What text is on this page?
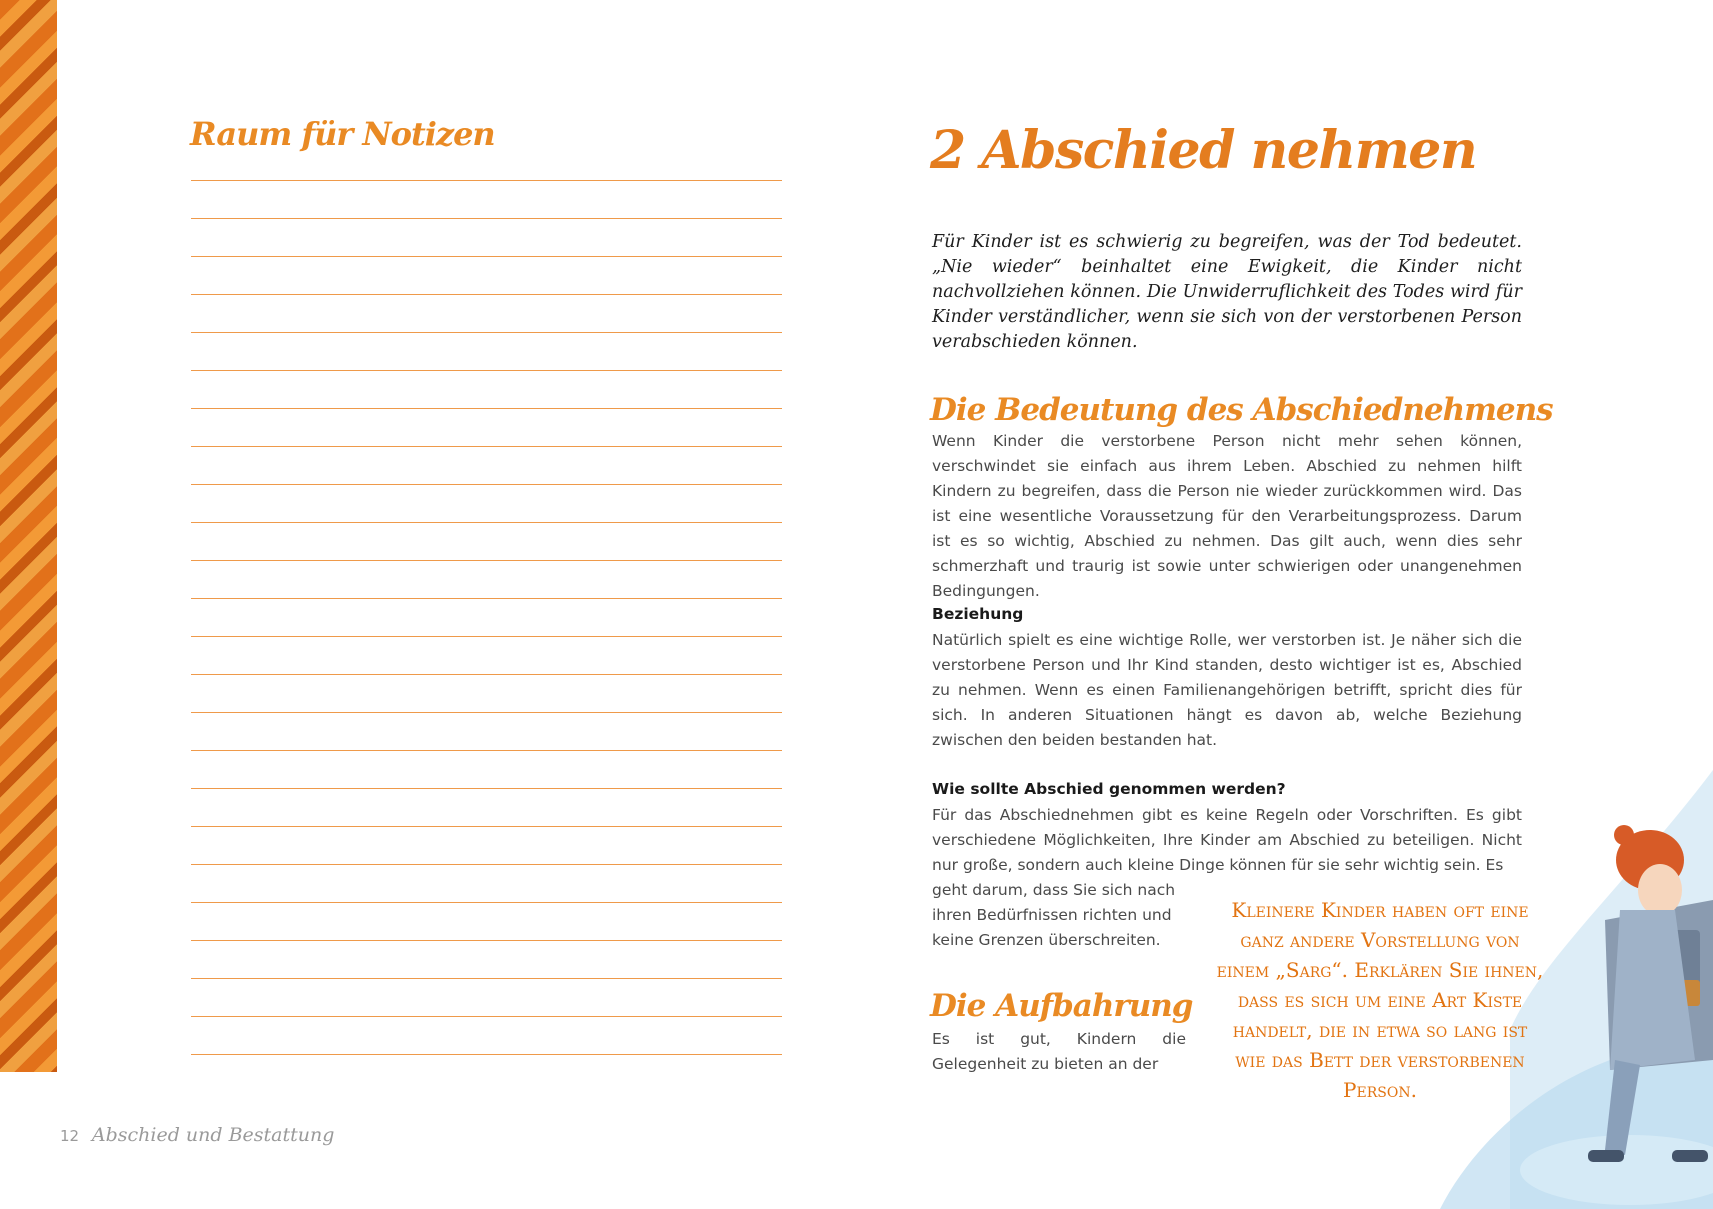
Raum für Notizen
12 Abschied und Bestattung
2 Abschied nehmen

Für Kinder ist es schwierig zu begreifen, was der Tod bedeutet. „Nie wieder“ beinhaltet eine Ewigkeit, die Kinder nicht nachvollziehen können. Die Unwiderruflichkeit des Todes wird für Kinder verständlicher, wenn sie sich von der verstorbenen Person verabschieden können.

Die Bedeutung des Abschiednehmens

Wenn Kinder die verstorbene Person nicht mehr sehen können, verschwindet sie einfach aus ihrem Leben. Abschied zu nehmen hilft Kindern zu begreifen, dass die Person nie wieder zurückkommen wird. Das ist eine wesentliche Voraussetzung für den Verarbeitungsprozess. Darum ist es so wichtig, Abschied zu nehmen. Das gilt auch, wenn dies sehr schmerzhaft und traurig ist sowie unter schwierigen oder unangenehmen Bedingungen.

Beziehung

Natürlich spielt es eine wichtige Rolle, wer verstorben ist. Je näher sich die verstorbene Person und Ihr Kind standen, desto wichtiger ist es, Abschied zu nehmen. Wenn es einen Familienangehörigen betrifft, spricht dies für sich. In anderen Situationen hängt es davon ab, welche Beziehung zwischen den beiden bestanden hat.

Wie sollte Abschied genommen werden?

Für das Abschiednehmen gibt es keine Regeln oder Vorschriften. Es gibt verschiedene Möglichkeiten, Ihre Kinder am Abschied zu beteiligen. Nicht nur große, sondern auch kleine Dinge können für sie sehr wichtig sein. Es

geht darum, dass Sie sich nach ihren Bedürfnissen richten und keine Grenzen überschreiten.

Die Aufbahrung

Es ist gut, Kindern die Gelegenheit zu bieten an der

Kleinere Kinder haben oft eine ganz andere Vorstellung von einem „Sarg“. Erklären Sie ihnen, dass es sich um eine Art Kiste handelt, die in etwa so lang ist wie das Bett der verstorbenen Person.
